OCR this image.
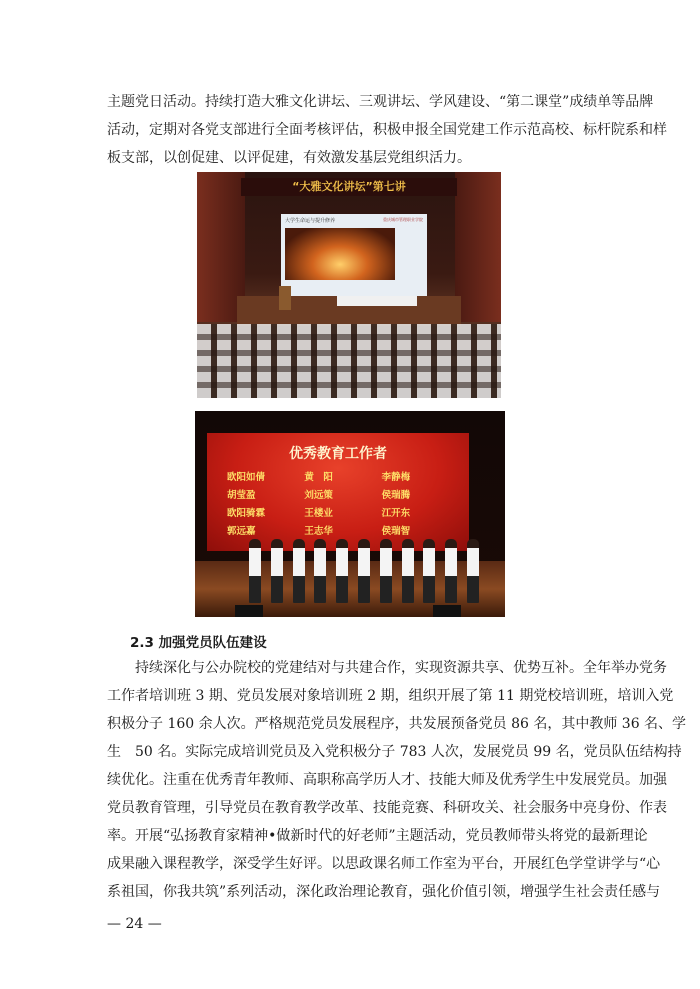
主题党日活动。持续打造大雅文化讲坛、三观讲坛、学风建设、“第二课堂”成绩单等品牌
活动，定期对各党支部进行全面考核评估，积极申报全国党建工作示范高校、标杆院系和样
板支部，以创促建、以评促建，有效激发基层党组织活力。
“大雅文化讲坛”第七讲
大学生命运与提升修养	重庆城市管理职业学院
优秀教育工作者
欧阳如倩	黄　阳	李静梅
胡莹盈	刘远策	侯瑞腾
欧阳骑霖	王楼业	江开东
郭远嘉	王志华	侯瑞智
2.3 加强党员队伍建设
持续深化与公办院校的党建结对与共建合作，实现资源共享、优势互补。全年举办党务
工作者培训班 3 期、党员发展对象培训班 2 期，组织开展了第 11 期党校培训班，培训入党
积极分子 160 余人次。严格规范党员发展程序，共发展预备党员 86 名，其中教师 36 名、学
生　50 名。实际完成培训党员及入党积极分子 783 人次，发展党员 99 名，党员队伍结构持
续优化。注重在优秀青年教师、高职称高学历人才、技能大师及优秀学生中发展党员。加强
党员教育管理，引导党员在教育教学改革、技能竞赛、科研攻关、社会服务中亮身份、作表
率。开展“弘扬教育家精神•做新时代的好老师”主题活动，党员教师带头将党的最新理论
成果融入课程教学，深受学生好评。以思政课名师工作室为平台，开展红色学堂讲学与“心
系祖国，你我共筑”系列活动，深化政治理论教育，强化价值引领，增强学生社会责任感与
— 24 —
